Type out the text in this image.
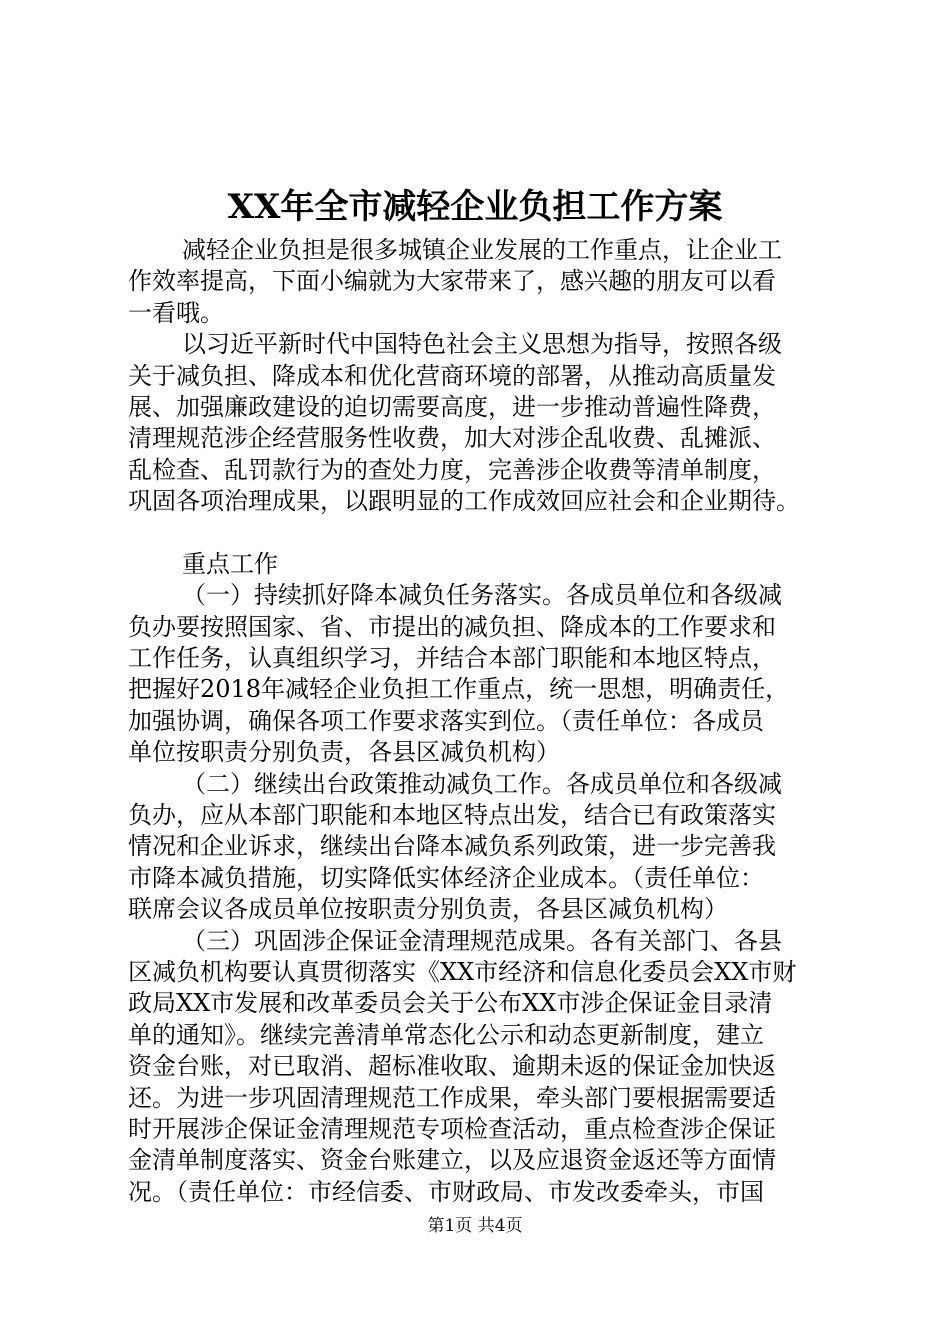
XX年全市减轻企业负担工作方案
减轻企业负担是很多城镇企业发展的工作重点，让企业工
作效率提高，下面小编就为大家带来了，感兴趣的朋友可以看
一看哦。
以习近平新时代中国特色社会主义思想为指导，按照各级
关于减负担、降成本和优化营商环境的部署，从推动高质量发
展、加强廉政建设的迫切需要高度，进一步推动普遍性降费，
清理规范涉企经营服务性收费，加大对涉企乱收费、乱摊派、
乱检查、乱罚款行为的查处力度，完善涉企收费等清单制度，
巩固各项治理成果，以跟明显的工作成效回应社会和企业期待。
重点工作
（一）持续抓好降本减负任务落实。各成员单位和各级减
负办要按照国家、省、市提出的减负担、降成本的工作要求和
工作任务，认真组织学习，并结合本部门职能和本地区特点，
把握好2018年减轻企业负担工作重点，统一思想，明确责任，
加强协调，确保各项工作要求落实到位。（责任单位：各成员
单位按职责分别负责，各县区减负机构）
（二）继续出台政策推动减负工作。各成员单位和各级减
负办，应从本部门职能和本地区特点出发，结合已有政策落实
情况和企业诉求，继续出台降本减负系列政策，进一步完善我
市降本减负措施，切实降低实体经济企业成本。（责任单位：
联席会议各成员单位按职责分别负责，各县区减负机构）
（三）巩固涉企保证金清理规范成果。各有关部门、各县
区减负机构要认真贯彻落实《XX市经济和信息化委员会XX市财
政局XX市发展和改革委员会关于公布XX市涉企保证金目录清
单的通知》。继续完善清单常态化公示和动态更新制度，建立
资金台账，对已取消、超标准收取、逾期未返的保证金加快返
还。为进一步巩固清理规范工作成果，牵头部门要根据需要适
时开展涉企保证金清理规范专项检查活动，重点检查涉企保证
金清单制度落实、资金台账建立，以及应退资金返还等方面情
况。（责任单位：市经信委、市财政局、市发改委牵头，市国
第1页 共4页
